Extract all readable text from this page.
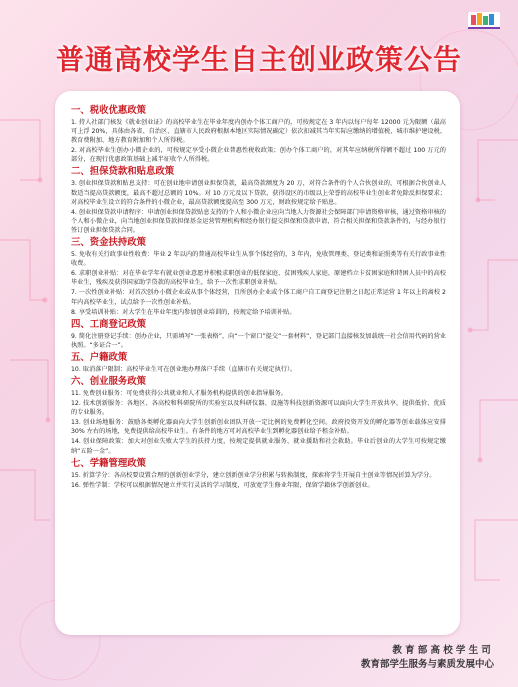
普通高校学生自主创业政策公告
一、税收优惠政策
1. 持人社部门核发《就业创业证》的高校毕业生在毕业年度内创办个体工商户的，可按规定在 3 年内以每户每年 12000 元为限额（最高可上浮 20%，具体由各省、自治区、直辖市人民政府根据本地区实际情况确定）依次扣减其当年实际应缴纳的增值税、城市维护建设税、教育费附加、地方教育附加和个人所得税。
2. 对高校毕业生创办小微企业的，可按规定享受小微企业普惠性税收政策；创办个体工商户的，对其年应纳税所得额不超过 100 万元的部分，在现行优惠政策基础上减半征收个人所得税。
二、担保贷款和贴息政策
3. 创业担保贷款和贴息支持：可在创业地申请创业担保贷款，最高贷款额度为 20 万，对符合条件的个人合伙创业的，可根据合伙创业人数适当提高贷款额度，最高不超过总额的 10%。对 10 万元及以下贷款、获得设区的市级以上荣誉的高校毕业生创业者免除反担保要求；对高校毕业生设立的符合条件的小微企业，最高贷款额度提高至 300 万元，财政按规定给予贴息。
4. 创业担保贷款申请程序：申请创业担保贷款贴息支持的个人和小微企业应向当地人力资源社会保障部门申请资格审核，通过资格审核的个人和小微企业，向当地创业担保贷款担保基金运营管理机构和经办银行提交担保和贷款申请，符合相关担保和贷款条件的，与经办银行签订创业担保贷款合同。
三、资金扶持政策
5. 免收有关行政事业性收费：毕业 2 年以内的普通高校毕业生从事个体经营的，3 年内，免收管理类、登记类和证照类等有关行政事业性收费。
6. 求职创业补贴：对在毕业学年有就业创业意愿并积极求职创业的低保家庭、贫困残疾人家庭、原建档立卡贫困家庭和特困人员中的高校毕业生，残疾及获得国家助学贷款的高校毕业生，给予一次性求职创业补贴。
7. 一次性创业补贴：对首次创办小微企业或从事个体经营，且所创办企业或个体工商户自工商登记注册之日起正常运营 1 年以上的离校 2 年内高校毕业生，试点给予一次性创业补贴。
8. 享受培训补贴：对大学生在毕业年度内参加创业培训的，按规定给予培训补贴。
四、工商登记政策
9. 简化注册登记手续：创办企业，只需填写“一张表格”，向“一个窗口”提交“一套材料”，登记部门直接核发加载统一社会信用代码的营业执照。“多证合一”。
五、户籍政策
10. 取消落户限制：高校毕业生可在创业地办理落户手续（直辖市有关规定执行）。
六、创业服务政策
11. 免费创业服务：可免费获得公共就业和人才服务机构提供的创业指导服务。
12. 技术创新服务：各地区、各高校和科研院所的实验室以及科研仪器、设施等科技创新资源可以面向大学生开放共享，提供低价、优质的专业服务。
13. 创业场地服务：鼓励各类孵化器面向大学生创新创业团队开放一定比例的免费孵化空间。政府投资开发的孵化器等创业载体应安排 30% 左右的场地，免费提供给高校毕业生。有条件的地方可对高校毕业生到孵化器创业给予租金补贴。
14. 创业保障政策：加大对创业失败大学生的扶持力度，按规定提供就业服务、就业援助和社会救助。毕业后创业的大学生可按规定缴纳“五险一金”。
七、学籍管理政策
15. 折算学分：各高校要设置合理的创新创业学分，建立创新创业学分积累与转换制度，探索将学生开展自主创业等情况折算为学分。
16. 弹性学制：学校可以根据情况建立并实行灵活的学习制度，可放宽学生修业年限，保留学籍休学创新创业。
教育部高校学生司
教育部学生服务与素质发展中心
